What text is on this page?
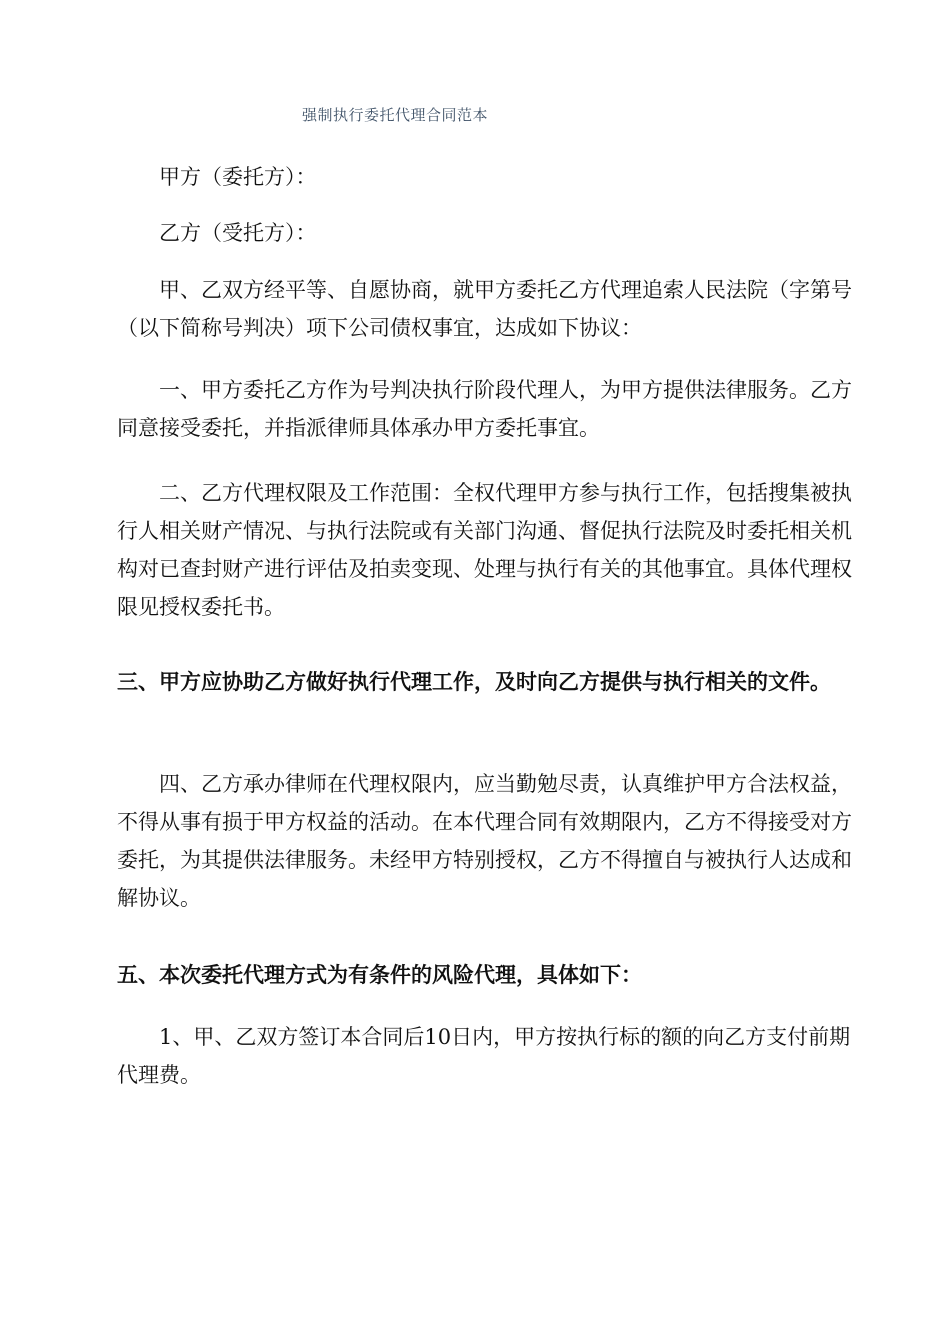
强制执行委托代理合同范本

甲方（委托方）：

乙方（受托方）：

甲、乙双方经平等、自愿协商，就甲方委托乙方代理追索人民法院（字第号（以下简称号判决）项下公司债权事宜，达成如下协议：

一、甲方委托乙方作为号判决执行阶段代理人，为甲方提供法律服务。乙方同意接受委托，并指派律师具体承办甲方委托事宜。

二、乙方代理权限及工作范围：全权代理甲方参与执行工作，包括搜集被执行人相关财产情况、与执行法院或有关部门沟通、督促执行法院及时委托相关机构对已查封财产进行评估及拍卖变现、处理与执行有关的其他事宜。具体代理权限见授权委托书。

三、甲方应协助乙方做好执行代理工作，及时向乙方提供与执行相关的文件。

四、乙方承办律师在代理权限内，应当勤勉尽责，认真维护甲方合法权益，不得从事有损于甲方权益的活动。在本代理合同有效期限内，乙方不得接受对方委托，为其提供法律服务。未经甲方特别授权，乙方不得擅自与被执行人达成和解协议。

五、本次委托代理方式为有条件的风险代理，具体如下：

1、甲、乙双方签订本合同后10日内，甲方按执行标的额的向乙方支付前期代理费。
